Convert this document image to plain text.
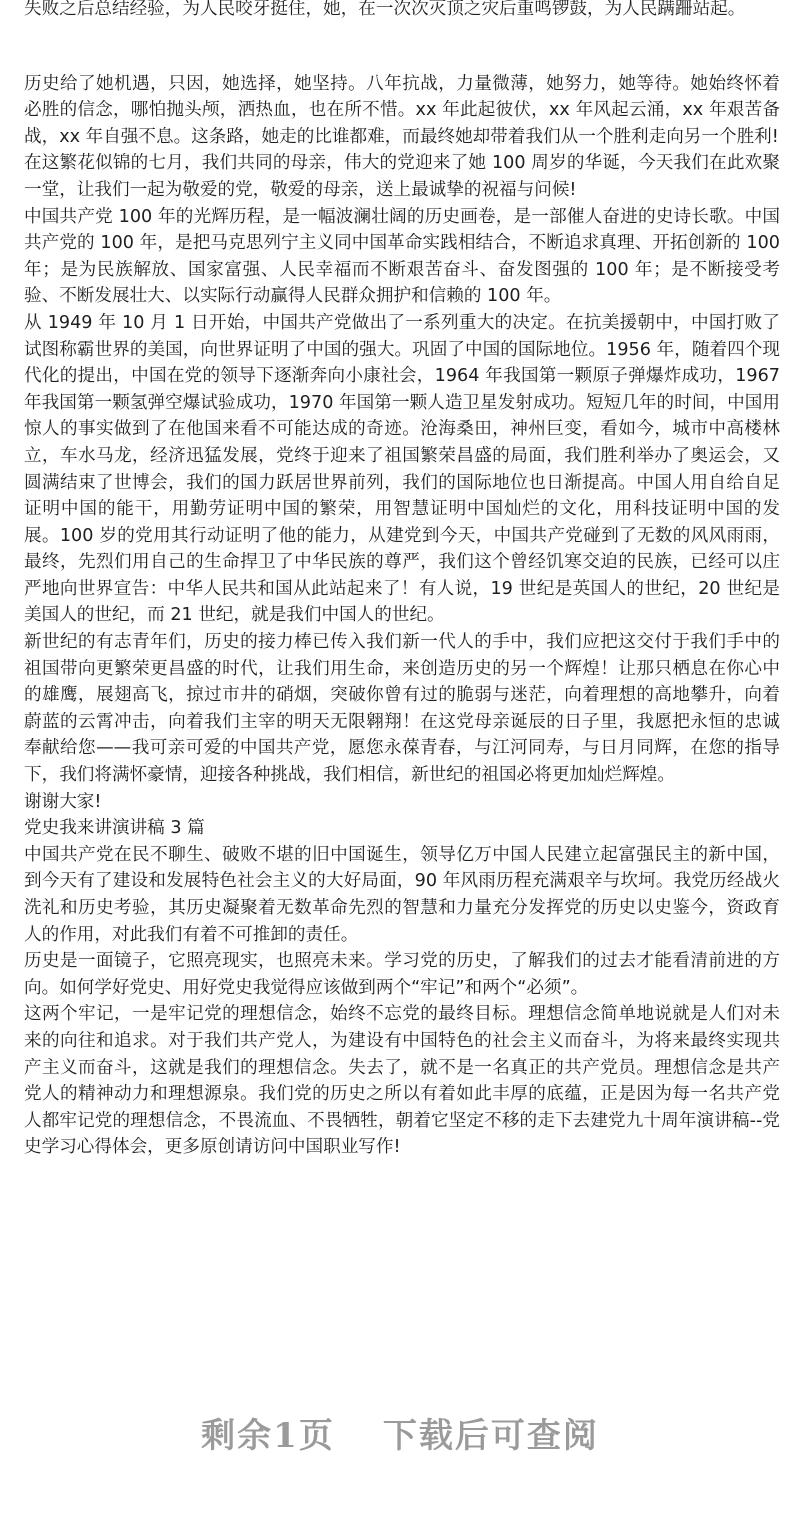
失败之后总结经验，为人民咬牙挺住，她，在一次次灭顶之灾后重鸣锣鼓，为人民蹒跚站起。

历史给了她机遇，只因，她选择，她坚持。八年抗战，力量微薄，她努力，她等待。她始终怀着必胜的信念，哪怕抛头颅，洒热血，也在所不惜。xx 年此起彼伏，xx 年风起云涌，xx 年艰苦备战，xx 年自强不息。这条路，她走的比谁都难，而最终她却带着我们从一个胜利走向另一个胜利!

在这繁花似锦的七月，我们共同的母亲，伟大的党迎来了她 100 周岁的华诞，今天我们在此欢聚一堂，让我们一起为敬爱的党，敬爱的母亲，送上最诚挚的祝福与问候!

中国共产党 100 年的光辉历程，是一幅波澜壮阔的历史画卷，是一部催人奋进的史诗长歌。中国共产党的 100 年，是把马克思列宁主义同中国革命实践相结合，不断追求真理、开拓创新的 100 年；是为民族解放、国家富强、人民幸福而不断艰苦奋斗、奋发图强的 100 年；是不断接受考验、不断发展壮大、以实际行动赢得人民群众拥护和信赖的 100 年。

从 1949 年 10 月 1 日开始，中国共产党做出了一系列重大的决定。在抗美援朝中，中国打败了试图称霸世界的美国，向世界证明了中国的强大。巩固了中国的国际地位。1956 年，随着四个现代化的提出，中国在党的领导下逐渐奔向小康社会，1964 年我国第一颗原子弹爆炸成功，1967 年我国第一颗氢弹空爆试验成功，1970 年国第一颗人造卫星发射成功。短短几年的时间，中国用惊人的事实做到了在他国来看不可能达成的奇迹。沧海桑田，神州巨变，看如今，城市中高楼林立，车水马龙，经济迅猛发展，党终于迎来了祖国繁荣昌盛的局面，我们胜利举办了奥运会，又圆满结束了世博会，我们的国力跃居世界前列，我们的国际地位也日渐提高。中国人用自给自足证明中国的能干，用勤劳证明中国的繁荣，用智慧证明中国灿烂的文化，用科技证明中国的发展。100 岁的党用其行动证明了他的能力，从建党到今天，中国共产党碰到了无数的风风雨雨，最终，先烈们用自己的生命捍卫了中华民族的尊严，我们这个曾经饥寒交迫的民族，已经可以庄严地向世界宣告：中华人民共和国从此站起来了！有人说，19 世纪是英国人的世纪，20 世纪是美国人的世纪，而 21 世纪，就是我们中国人的世纪。

新世纪的有志青年们，历史的接力棒已传入我们新一代人的手中，我们应把这交付于我们手中的祖国带向更繁荣更昌盛的时代，让我们用生命，来创造历史的另一个辉煌！让那只栖息在你心中的雄鹰，展翅高飞，掠过市井的硝烟，突破你曾有过的脆弱与迷茫，向着理想的高地攀升，向着蔚蓝的云霄冲击，向着我们主宰的明天无限翱翔！在这党母亲诞辰的日子里，我愿把永恒的忠诚奉献给您——我可亲可爱的中国共产党，愿您永葆青春，与江河同寿，与日月同辉，在您的指导下，我们将满怀豪情，迎接各种挑战，我们相信，新世纪的祖国必将更加灿烂辉煌。

谢谢大家!

党史我来讲演讲稿 3 篇

中国共产党在民不聊生、破败不堪的旧中国诞生，领导亿万中国人民建立起富强民主的新中国，到今天有了建设和发展特色社会主义的大好局面，90 年风雨历程充满艰辛与坎坷。我党历经战火洗礼和历史考验，其历史凝聚着无数革命先烈的智慧和力量充分发挥党的历史以史鉴今，资政育人的作用，对此我们有着不可推卸的责任。

历史是一面镜子，它照亮现实，也照亮未来。学习党的历史，了解我们的过去才能看清前进的方向。如何学好党史、用好党史我觉得应该做到两个“牢记”和两个“必须”。

这两个牢记，一是牢记党的理想信念，始终不忘党的最终目标。理想信念简单地说就是人们对未来的向往和追求。对于我们共产党人，为建设有中国特色的社会主义而奋斗，为将来最终实现共产主义而奋斗，这就是我们的理想信念。失去了，就不是一名真正的共产党员。理想信念是共产党人的精神动力和理想源泉。我们党的历史之所以有着如此丰厚的底蕴，正是因为每一名共产党人都牢记党的理想信念，不畏流血、不畏牺牲，朝着它坚定不移的走下去建党九十周年演讲稿--党史学习心得体会，更多原创请访问中国职业写作!

剩余1页 下载后可查阅
